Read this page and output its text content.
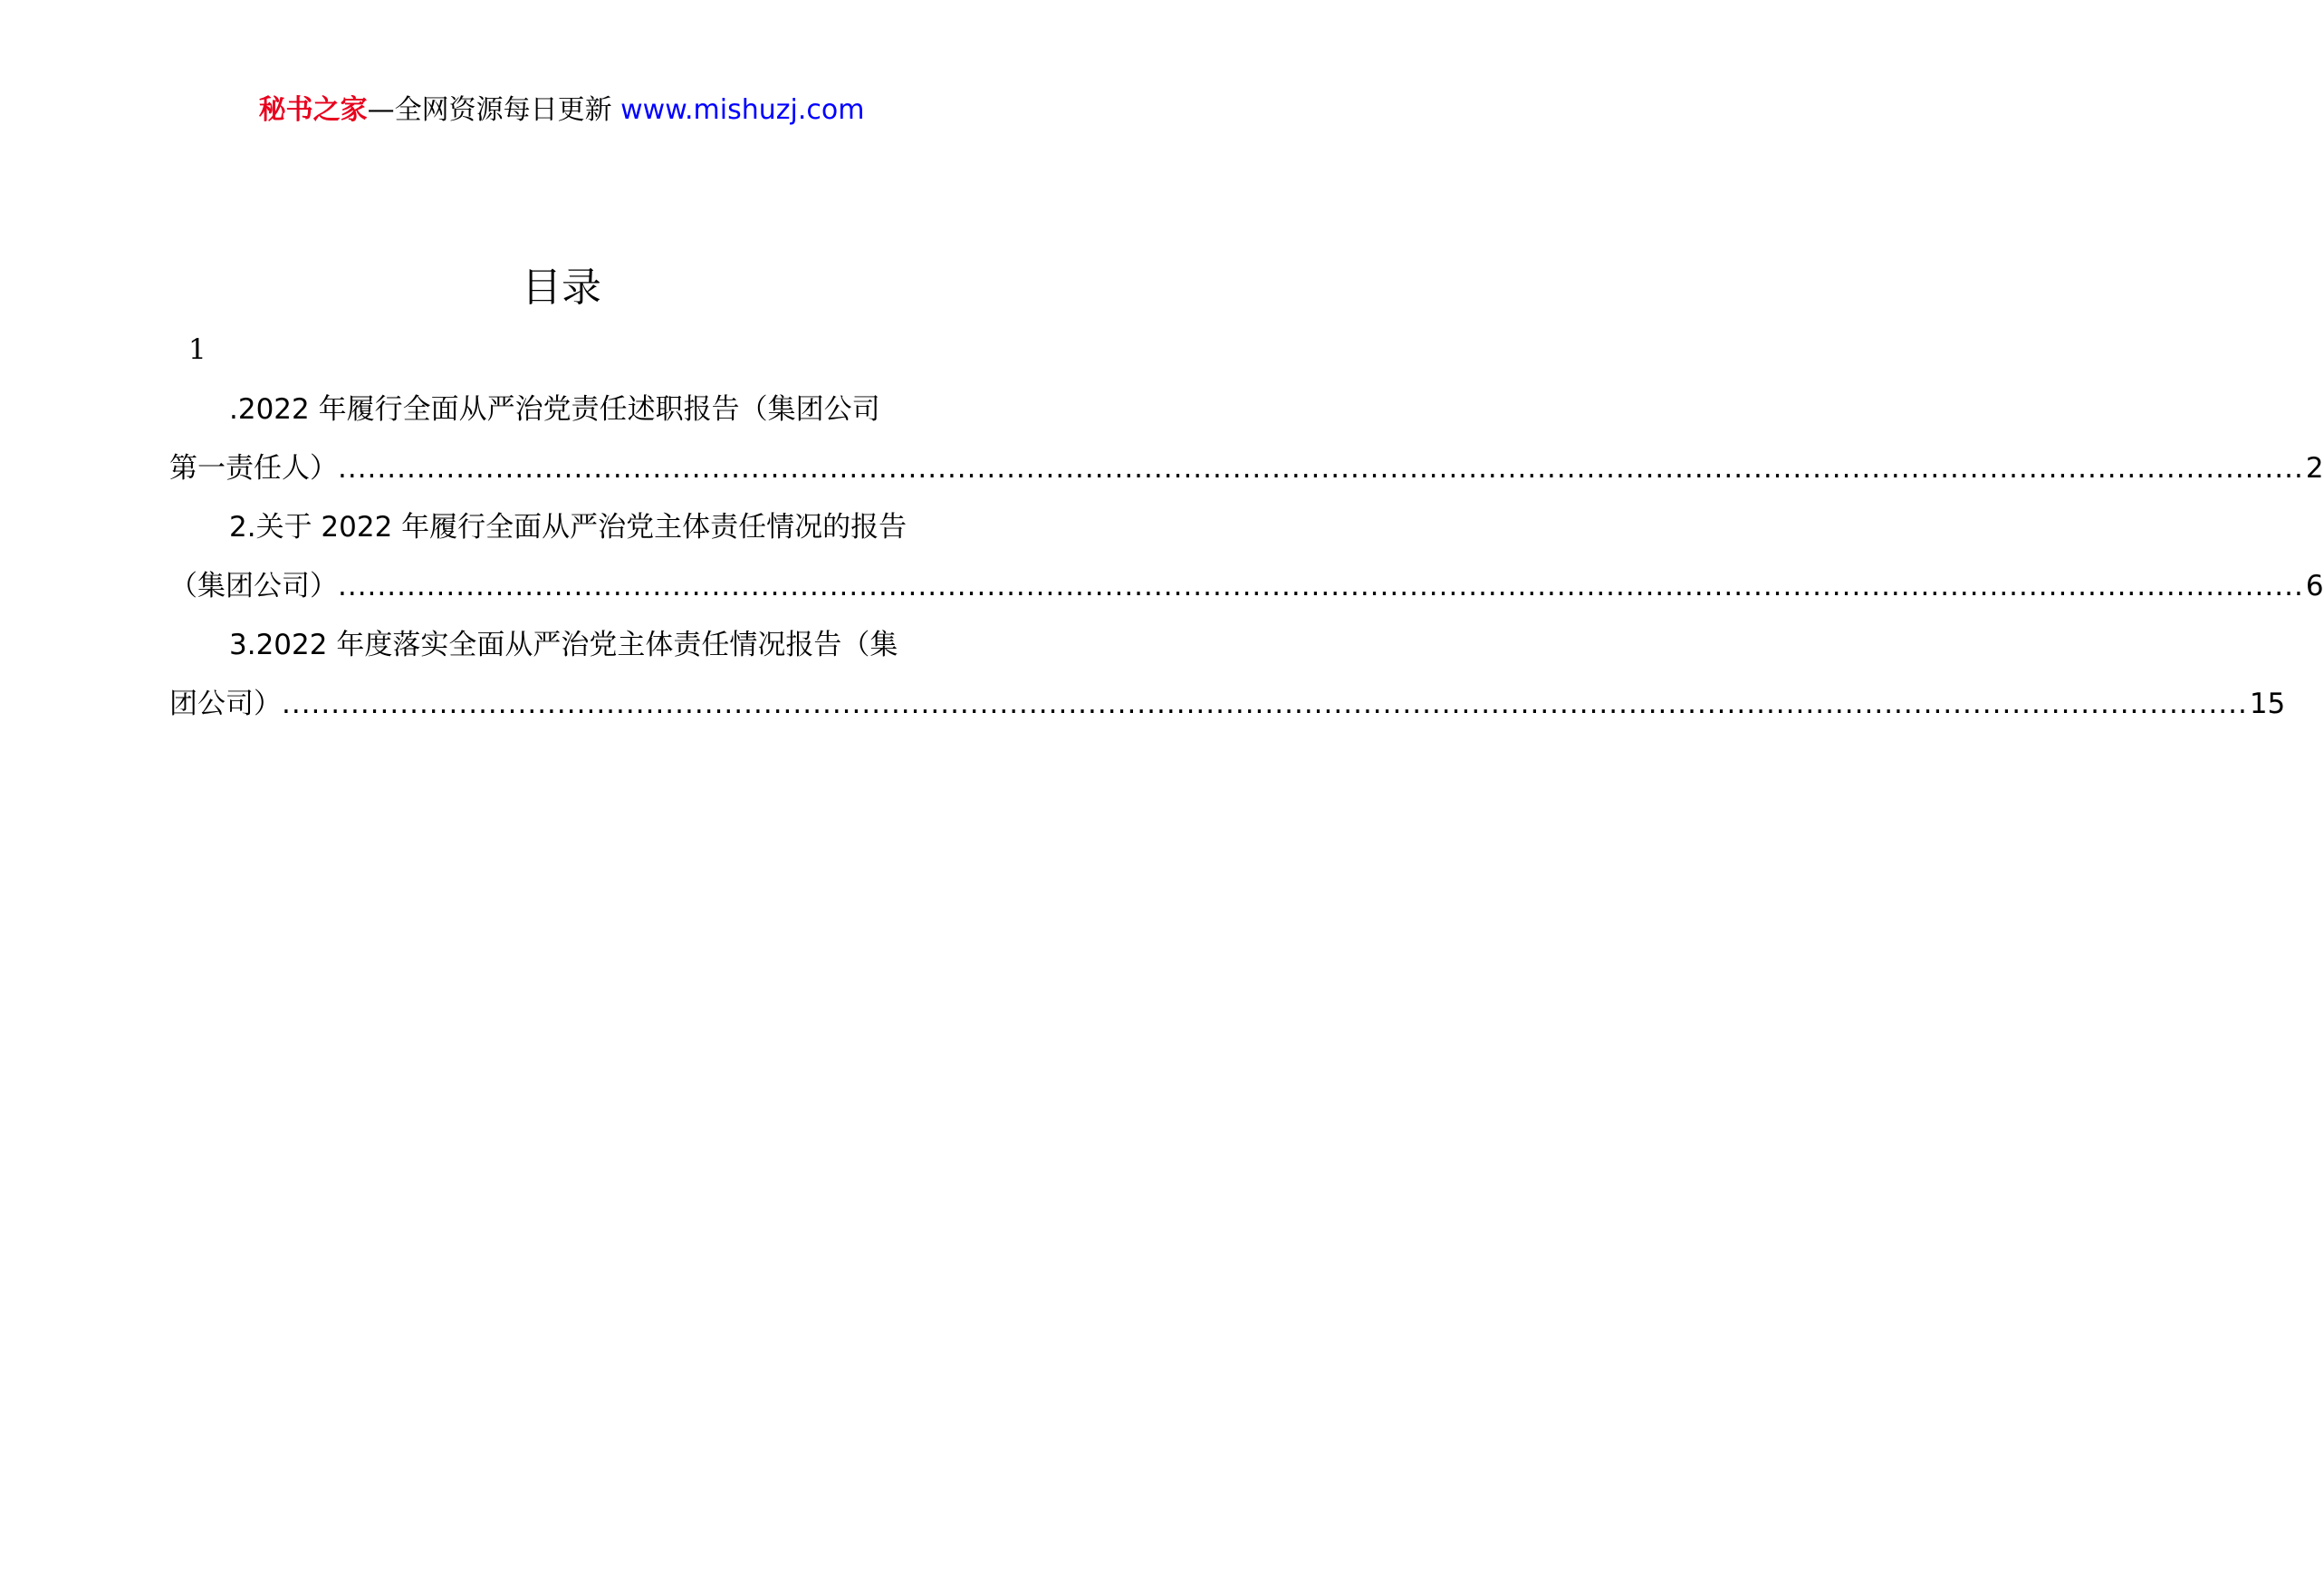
秘书之家—全网资源每日更新 www.mishuzj.com
目录
1
.2022 年履行全面从严治党责任述职报告（集团公司
第一责任人） ........................................................................................................................................................................................................ 2
2.关于 2022 年履行全面从严治党主体责任情况的报告
（集团公司） ........................................................................................................................................................................................................ 6
3.2022 年度落实全面从严治党主体责任情况报告（集
团公司） ........................................................................................................................................................................................................ 15
